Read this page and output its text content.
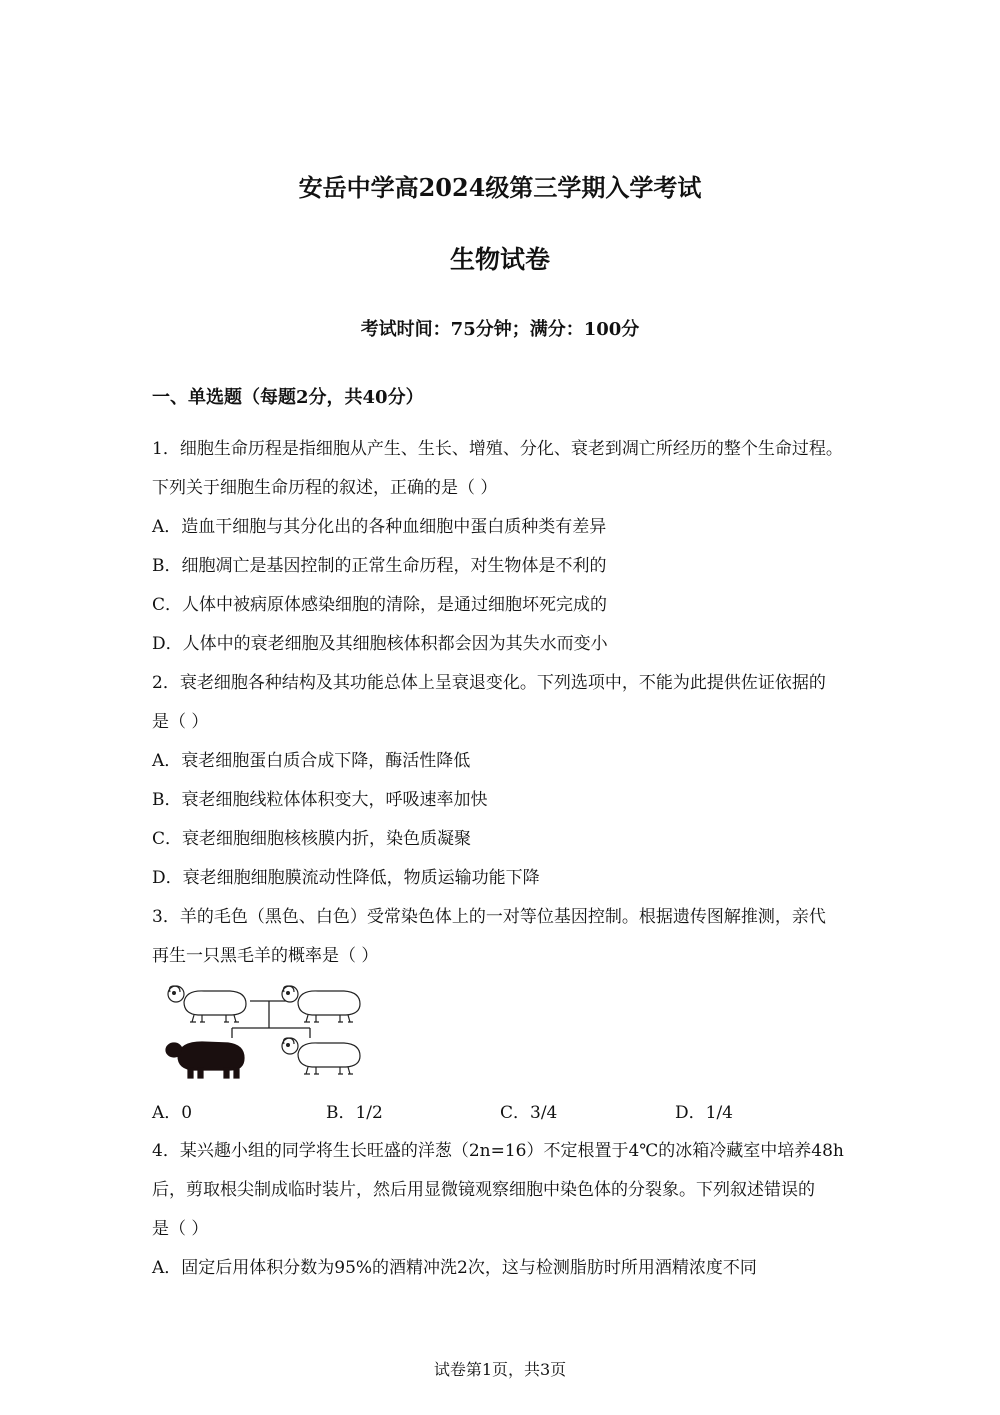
安岳中学高2024级第三学期入学考试
生物试卷
考试时间：75分钟；满分：100分
一、单选题（每题2分，共40分）
1．细胞生命历程是指细胞从产生、生长、增殖、分化、衰老到凋亡所经历的整个生命过程。
下列关于细胞生命历程的叙述，正确的是（ ）
A．造血干细胞与其分化出的各种血细胞中蛋白质种类有差异
B．细胞凋亡是基因控制的正常生命历程，对生物体是不利的
C．人体中被病原体感染细胞的清除，是通过细胞坏死完成的
D．人体中的衰老细胞及其细胞核体积都会因为其失水而变小
2．衰老细胞各种结构及其功能总体上呈衰退变化。下列选项中，不能为此提供佐证依据的
是（ ）
A．衰老细胞蛋白质合成下降，酶活性降低
B．衰老细胞线粒体体积变大，呼吸速率加快
C．衰老细胞细胞核核膜内折，染色质凝聚
D．衰老细胞细胞膜流动性降低，物质运输功能下降
3．羊的毛色（黑色、白色）受常染色体上的一对等位基因控制。根据遗传图解推测，亲代
再生一只黑毛羊的概率是（ ）
A．0	B．1/2	C．3/4	D．1/4
4．某兴趣小组的同学将生长旺盛的洋葱（2n=16）不定根置于4℃的冰箱冷藏室中培养48h
后，剪取根尖制成临时装片，然后用显微镜观察细胞中染色体的分裂象。下列叙述错误的
是（ ）
A．固定后用体积分数为95%的酒精冲洗2次，这与检测脂肪时所用酒精浓度不同
试卷第1页，共3页
